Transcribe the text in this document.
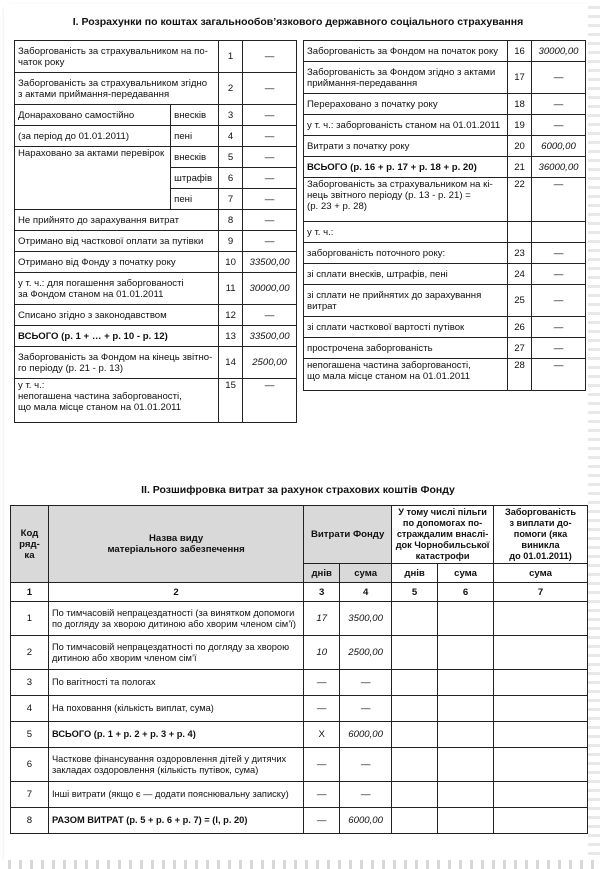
І. Розрахунки по коштах загальнообов’язкового державного соціального страхування
Заборгованість за страхувальником на по-
чаток року		1	—
Заборгованість за страхувальником згідно
з актами приймання-передавання		2	—
Донараховано самостійно	внесків	3	—
(за період до 01.01.2011)	пені	4	—
Нараховано за актами перевірок	внесків	5	—
	штрафів	6	—
	пені	7	—
Не прийнято до зарахування витрат		8	—
Отримано від часткової оплати за путівки		9	—
Отримано від Фонду з початку року		10	33500,00
у т. ч.: для погашення заборгованості
за Фондом станом на 01.01.2011		11	30000,00
Списано згідно з законодавством		12	—
ВСЬОГО (р. 1 + … + р. 10 - р. 12)		13	33500,00
Заборгованість за Фондом на кінець звітно-
го періоду (р. 21 - р. 13)		14	2500,00
у т. ч.:
непогашена частина заборгованості,
що мала місце станом на 01.01.2011		15	—
Заборгованість за Фондом на початок року	16	30000,00
Заборгованість за Фондом згідно з актами
приймання-передавання	17	—
Перераховано з початку року	18	—
у т. ч.: заборгованість станом на 01.01.2011	19	—
Витрати з початку року	20	6000,00
ВСЬОГО (р. 16 + р. 17 + р. 18 + р. 20)	21	36000,00
Заборгованість за страхувальником на кі-
нець звітного періоду (р. 13 - р. 21) =
(р. 23 + р. 28)	22	—
у т. ч.:		
заборгованість поточного року:	23	—
зі сплати внесків, штрафів, пені	24	—
зі сплати не прийнятих до зарахування
витрат	25	—
зі сплати часткової вартості путівок	26	—
прострочена заборгованість	27	—
непогашена частина заборгованості,
що мала місце станом на 01.01.2011	28	—
ІІ. Розшифровка витрат за рахунок страхових коштів Фонду
Код
ряд-
ка	Назва виду
матеріального забезпечення	Витрати Фонду		У тому числі пільги
по допомогах по-
страждалим внаслі-
док Чорнобильської
катастрофи		Заборгованість
з виплати до-
помоги (яка
виникла
до 01.01.2011)
		днів	сума	днів	сума	сума
1	2	3	4	5	6	7
1	По тимчасовій непрацездатності (за винятком допомоги
по догляду за хворою дитиною або хворим членом сім’ї)	17	3500,00			
2	По тимчасовій непрацездатності по догляду за хворою
дитиною або хворим членом сім’ї	10	2500,00			
3	По вагітності та пологах	—	—			
4	На поховання (кількість виплат, сума)	—	—			
5	ВСЬОГО (р. 1 + р. 2 + р. 3 + р. 4)	Х	6000,00			
6	Часткове фінансування оздоровлення дітей у дитячих
закладах оздоровлення (кількість путівок, сума)	—	—			
7	Інші витрати (якщо є — додати пояснювальну записку)	—	—			
8	РАЗОМ ВИТРАТ (р. 5 + р. 6 + р. 7) = (І, р. 20)	—	6000,00			
